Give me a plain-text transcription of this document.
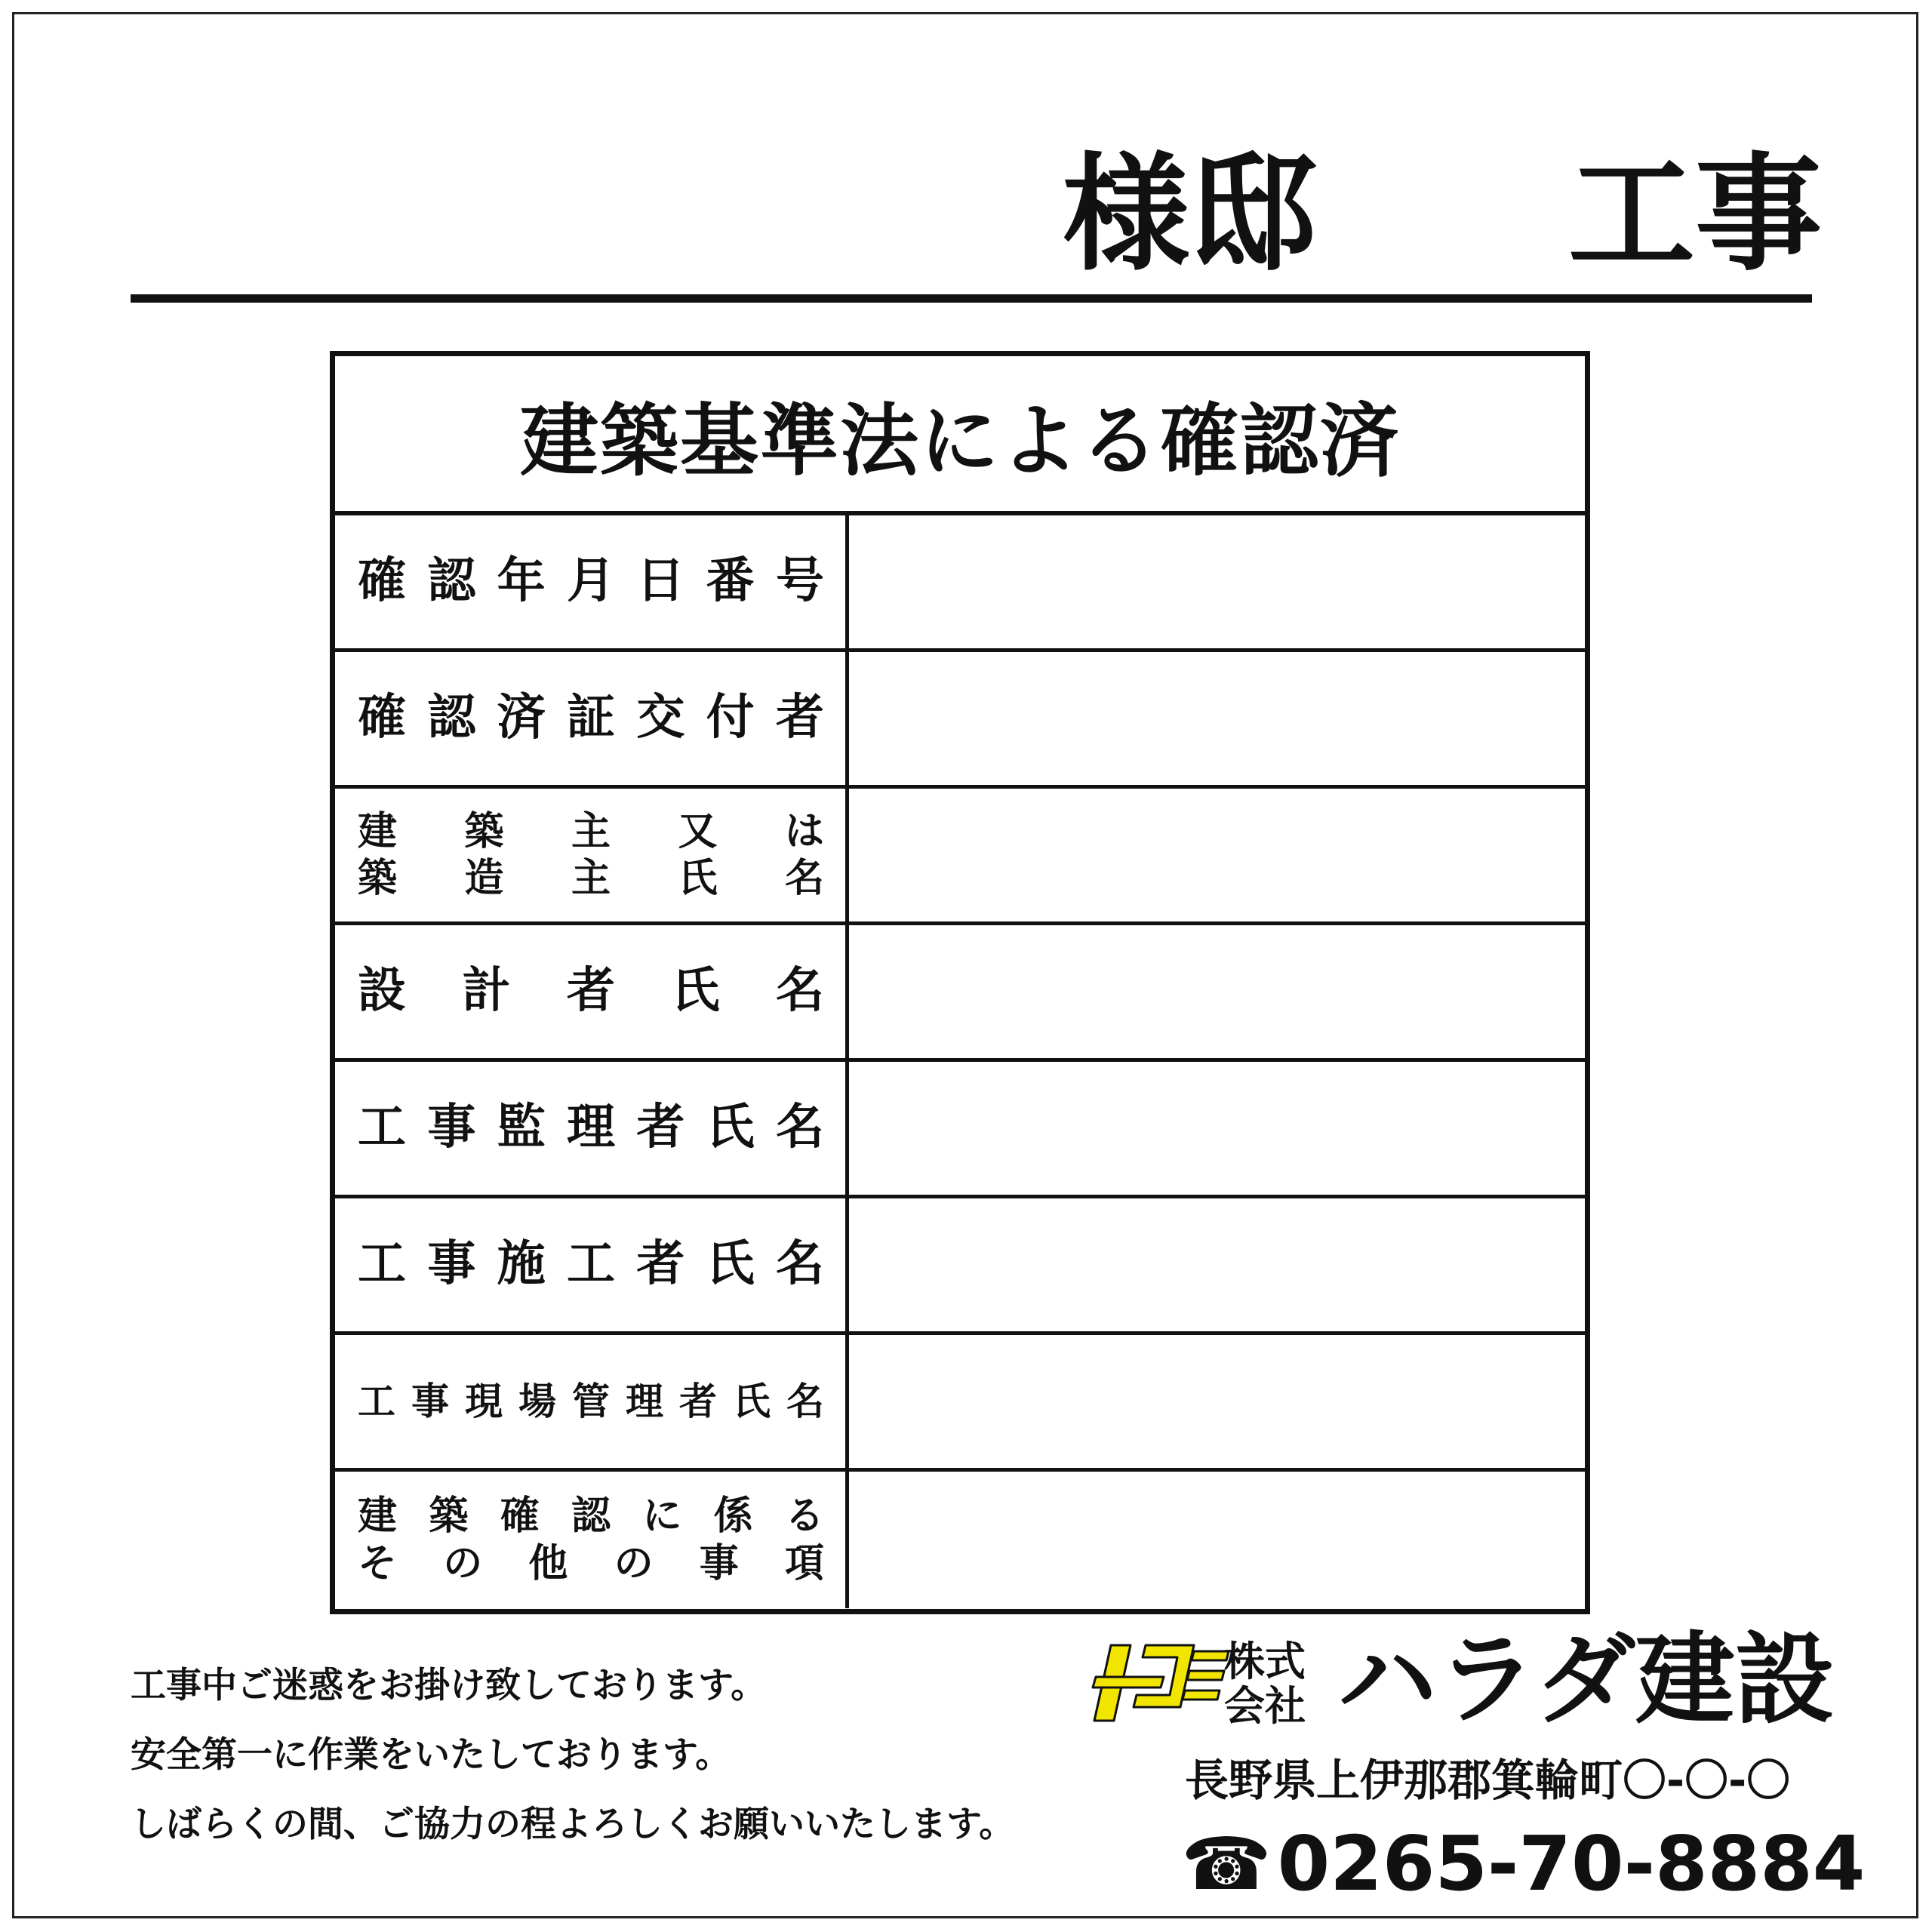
様邸 工事
建築基準法による確認済
確 認 年 月 日 番 号
確 認 済 証 交 付 者
建 築 主 又 は
築 造 主 氏 名
設 計 者 氏 名
工 事 監 理 者 氏 名
工 事 施 工 者 氏 名
工 事 現 場 管 理 者 氏 名
建 築 確 認 に 係 る
そ の 他 の 事 項
工事中ご迷惑をお掛け致しております。
安全第一に作業をいたしております。
しばらくの間、ご協力の程よろしくお願いいたします。
HD
株式
会社 ハラダ建設
長野県上伊那郡箕輪町〇-〇-〇
☎ 0265-70-8884
